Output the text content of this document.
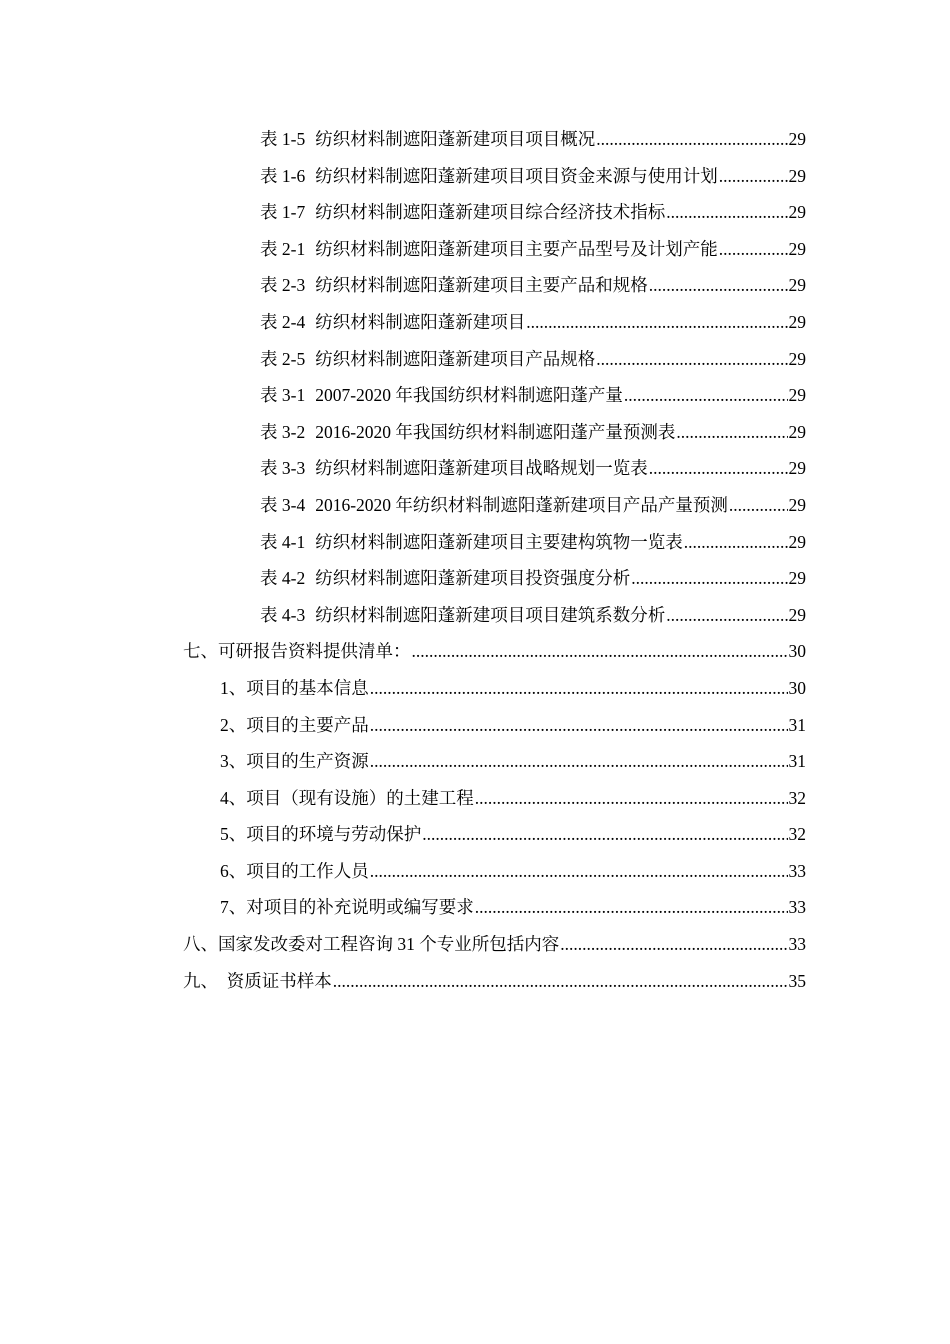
表 1-5 纺织材料制遮阳蓬新建项目项目概况 .....	29
表 1-6 纺织材料制遮阳蓬新建项目项目资金来源与使用计划 .....	29
表 1-7 纺织材料制遮阳蓬新建项目综合经济技术指标 .....	29
表 2-1 纺织材料制遮阳蓬新建项目主要产品型号及计划产能 .....	29
表 2-3 纺织材料制遮阳蓬新建项目主要产品和规格 .....	29
表 2-4 纺织材料制遮阳蓬新建项目 .....	29
表 2-5 纺织材料制遮阳蓬新建项目产品规格 .....	29
表 3-1 2007-2020 年我国纺织材料制遮阳蓬产量 .....	29
表 3-2 2016-2020 年我国纺织材料制遮阳蓬产量预测表 .....	29
表 3-3 纺织材料制遮阳蓬新建项目战略规划一览表 .....	29
表 3-4 2016-2020 年纺织材料制遮阳蓬新建项目产品产量预测 .....	29
表 4-1 纺织材料制遮阳蓬新建项目主要建构筑物一览表 .....	29
表 4-2 纺织材料制遮阳蓬新建项目投资强度分析 .....	29
表 4-3 纺织材料制遮阳蓬新建项目项目建筑系数分析 .....	29
七、可研报告资料提供清单： .....	30
1、项目的基本信息 .....	30
2、项目的主要产品 .....	31
3、项目的生产资源 .....	31
4、项目（现有设施）的土建工程 .....	32
5、项目的环境与劳动保护 .....	32
6、项目的工作人员 .....	33
7、对项目的补充说明或编写要求 .....	33
八、国家发改委对工程咨询 31 个专业所包括内容 .....	33
九、  资质证书样本 .....	35
